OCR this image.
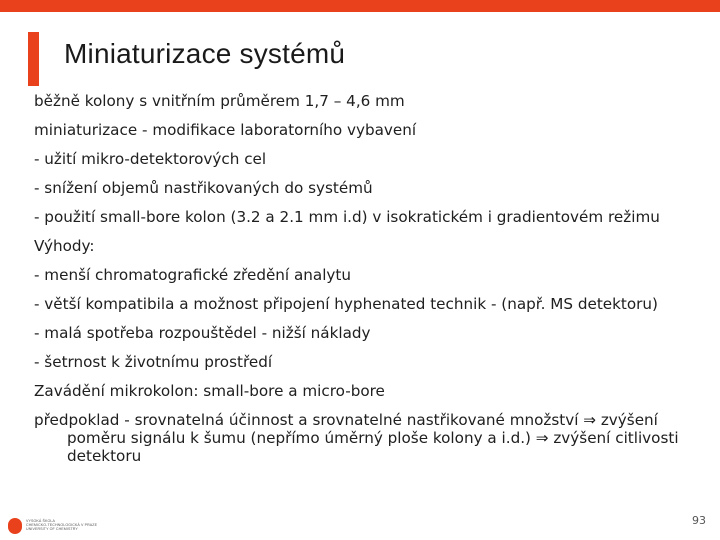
Miniaturizace systémů
běžně kolony s vnitřním průměrem 1,7 – 4,6 mm
miniaturizace - modifikace laboratorního vybavení
- užití mikro-detektorových cel
- snížení objemů nastřikovaných do systémů
- použití small-bore kolon (3.2 a 2.1 mm i.d) v isokratickém i gradientovém režimu
Výhody:
- menší chromatografické zředění analytu
- větší kompatibila a možnost připojení hyphenated technik - (např. MS detektoru)
- malá spotřeba rozpouštědel - nižší náklady
- šetrnost k životnímu prostředí
Zavádění mikrokolon: small-bore a micro-bore
předpoklad - srovnatelná účinnost a srovnatelné nastřikované množství ⇒ zvýšení poměru signálu k šumu (nepřímo úměrný ploše kolony a i.d.) ⇒ zvýšení citlivosti detektoru
VYSOKÁ ŠKOLA
CHEMICKO-TECHNOLOGICKÁ V PRAZE
UNIVERSITY OF CHEMISTRY
93
